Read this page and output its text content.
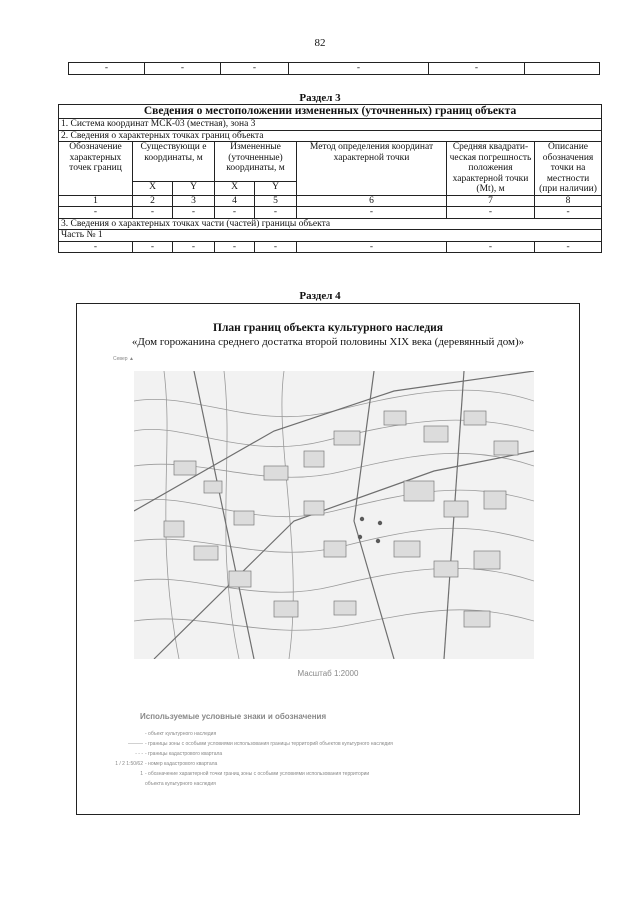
82
-	-	-	-	-	
Раздел 3
Сведения о местоположении измененных (уточненных) границ объекта							
1. Система координат МСК-03 (местная), зона 3							
2. Сведения о характерных точках границ объекта							
Обозначение характерных точек границ	Существующи е координаты, м		Измененные (уточненные) координаты, м		Метод определения координат характерной точки	Средняя квадрати-ческая погрешность положения характерной точки (Mt), м	Описание обозначения точки на местности (при наличии)
	X	Y	X	Y			
1	2	3	4	5	6	7	8
-	-	-	-	-	-	-	-
3. Сведения о характерных точках части (частей) границы объекта							
Часть № 1							
-	-	-	-	-	-	-	-
Раздел 4
План границ объекта культурного наследия
«Дом горожанина среднего достатка второй половины XIX века (деревянный дом)»
Север ▲
Масштаб 1:2000
Используемые условные знаки и обозначения
- объект культурного наследия
——— - границы зоны с особыми условиями использования границы территорий объектов культурного наследия
- - - - границы кадастрового квартала
1 / 2 1:50/62 - номер кадастрового квартала
1 - обозначение характерной точки границ зоны с особыми условиями использования территории
объекта культурного наследия
